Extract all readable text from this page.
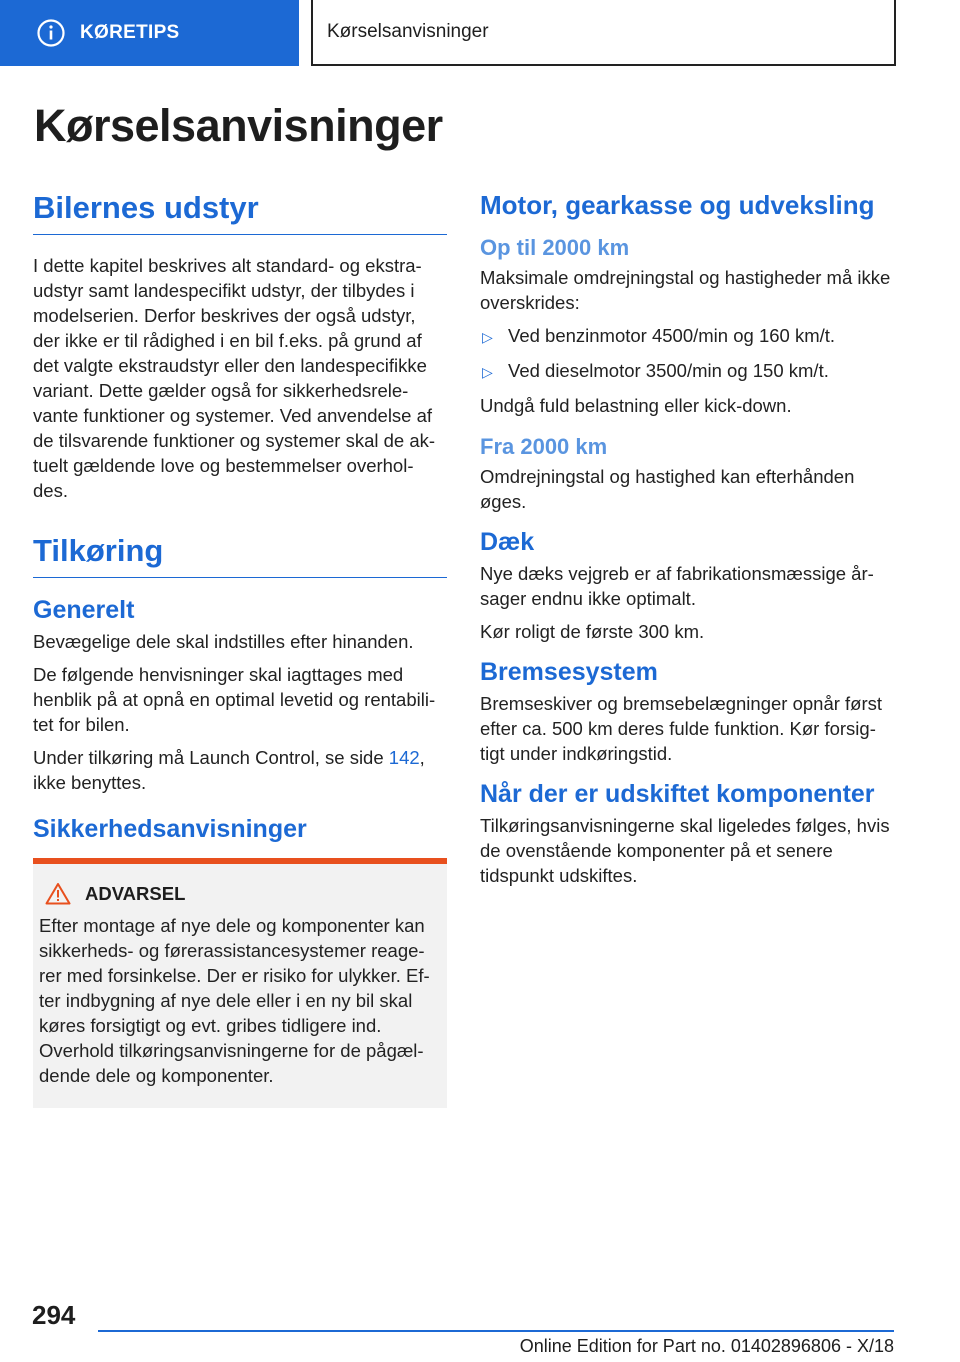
KØRETIPS	Kørselsanvisninger
Kørselsanvisninger
Bilernes udstyr

I dette kapitel beskrives alt standard- og ekstra-udstyr samt landespecifikt udstyr, der tilbydes i modelserien. Derfor beskrives der også udstyr, der ikke er til rådighed i en bil f.eks. på grund af det valgte ekstraudstyr eller den landespecifikke variant. Dette gælder også for sikkerhedsrele-vante funktioner og systemer. Ved anvendelse af de tilsvarende funktioner og systemer skal de ak-tuelt gældende love og bestemmelser overhol-des.

Tilkøring
Generelt

Bevægelige dele skal indstilles efter hinanden.

De følgende henvisninger skal iagttages med henblik på at opnå en optimal levetid og rentabili-tet for bilen.

Under tilkøring må Launch Control, se side 142,
ikke benyttes.

Sikkerhedsanvisninger
ADVARSEL

Efter montage af nye dele og komponenter kan sikkerheds- og førerassistancesystemer reage-rer med forsinkelse. Der er risiko for ulykker. Ef-ter indbygning af nye dele eller i en ny bil skal køres forsigtigt og evt. gribes tidligere ind. Overhold tilkøringsanvisningerne for de pågæl-dende dele og komponenter.

Motor, gearkasse og udveksling
Op til 2000 km

Maksimale omdrejningstal og hastigheder må ikke overskrides:

▷ Ved benzinmotor 4500/min og 160 km/t.
▷ Ved dieselmotor 3500/min og 150 km/t.

Undgå fuld belastning eller kick-down.

Fra 2000 km

Omdrejningstal og hastighed kan efterhånden øges.

Dæk

Nye dæks vejgreb er af fabrikationsmæssige år-sager endnu ikke optimalt.

Kør roligt de første 300 km.

Bremsesystem

Bremseskiver og bremsebelægninger opnår først efter ca. 500 km deres fulde funktion. Kør forsig-tigt under indkøringstid.

Når der er udskiftet komponenter

Tilkøringsanvisningerne skal ligeledes følges, hvis de ovenstående komponenter på et senere tidspunkt udskiftes.

294
Online Edition for Part no. 01402896806 - X/18
